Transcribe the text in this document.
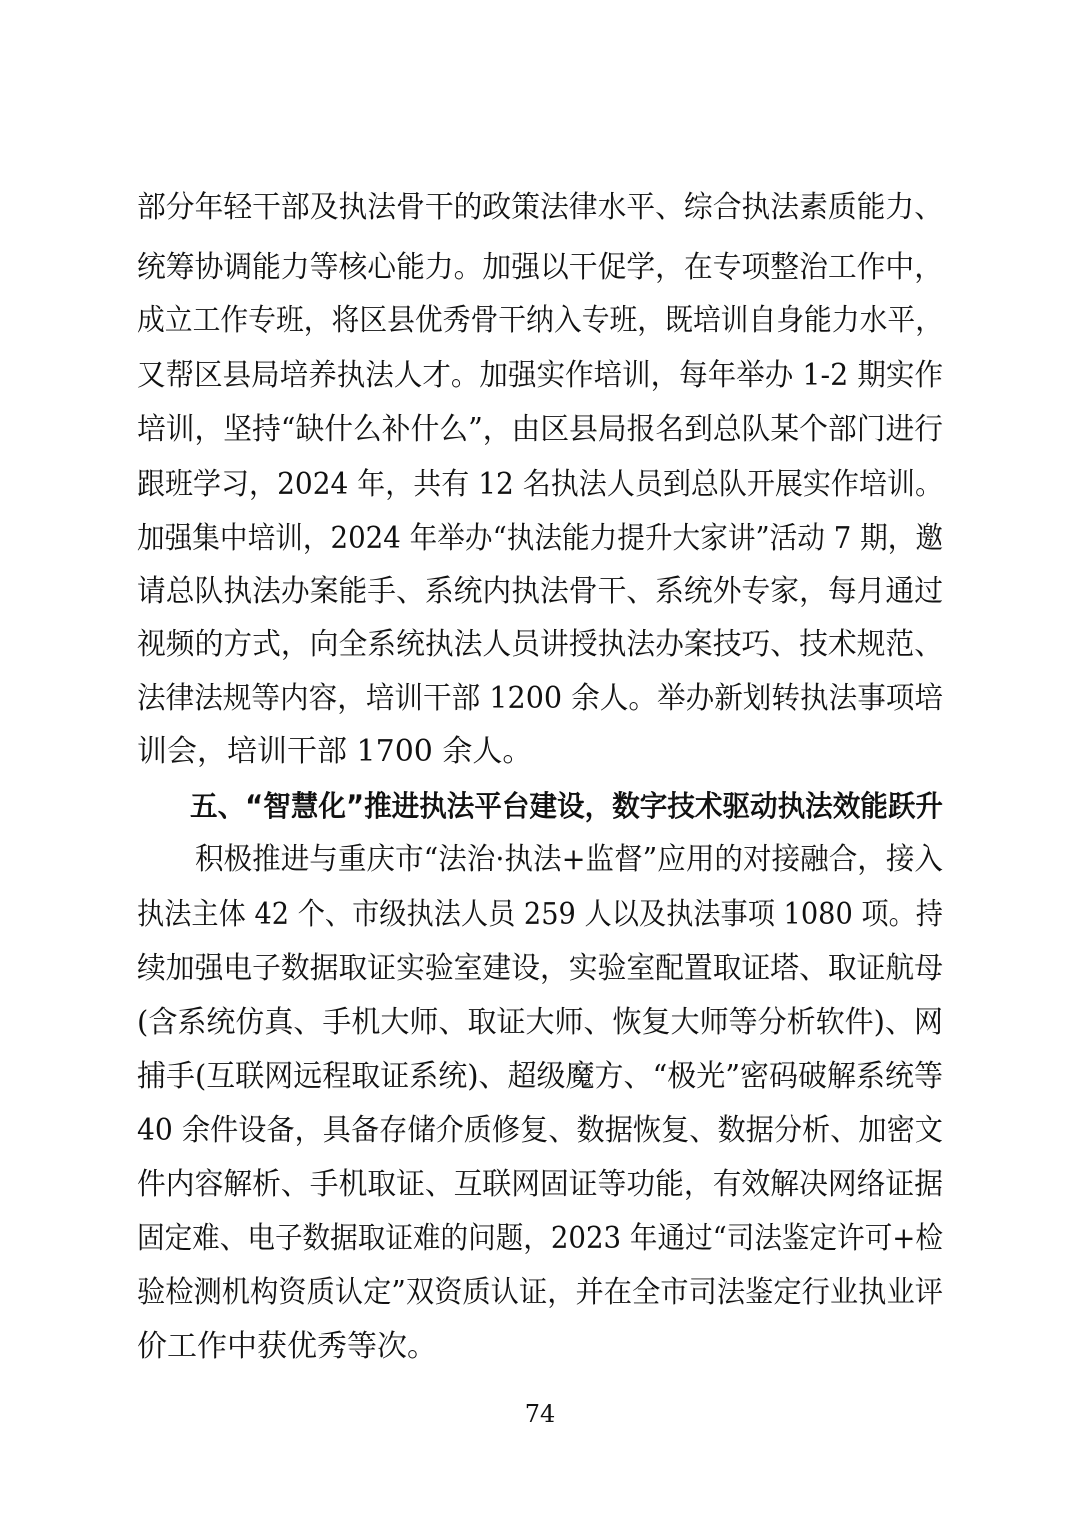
部分年轻干部及执法骨干的政策法律水平、综合执法素质能力、
统筹协调能力等核心能力。加强以干促学，在专项整治工作中，
成立工作专班，将区县优秀骨干纳入专班，既培训自身能力水平，
又帮区县局培养执法人才。加强实作培训，每年举办 1-2 期实作
培训，坚持“缺什么补什么”，由区县局报名到总队某个部门进行
跟班学习，2024 年，共有 12 名执法人员到总队开展实作培训。
加强集中培训，2024 年举办“执法能力提升大家讲”活动 7 期，邀
请总队执法办案能手、系统内执法骨干、系统外专家，每月通过
视频的方式，向全系统执法人员讲授执法办案技巧、技术规范、
法律法规等内容，培训干部 1200 余人。举办新划转执法事项培
训会，培训干部 1700 余人。
五、“智慧化”推进执法平台建设，数字技术驱动执法效能跃升
积极推进与重庆市“法治·执法+监督”应用的对接融合，接入
执法主体 42 个、市级执法人员 259 人以及执法事项 1080 项。持
续加强电子数据取证实验室建设，实验室配置取证塔、取证航母
(含系统仿真、手机大师、取证大师、恢复大师等分析软件)、网
捕手(互联网远程取证系统)、超级魔方、“极光”密码破解系统等
40 余件设备，具备存储介质修复、数据恢复、数据分析、加密文
件内容解析、手机取证、互联网固证等功能，有效解决网络证据
固定难、电子数据取证难的问题，2023 年通过“司法鉴定许可+检
验检测机构资质认定”双资质认证，并在全市司法鉴定行业执业评
价工作中获优秀等次。
74
